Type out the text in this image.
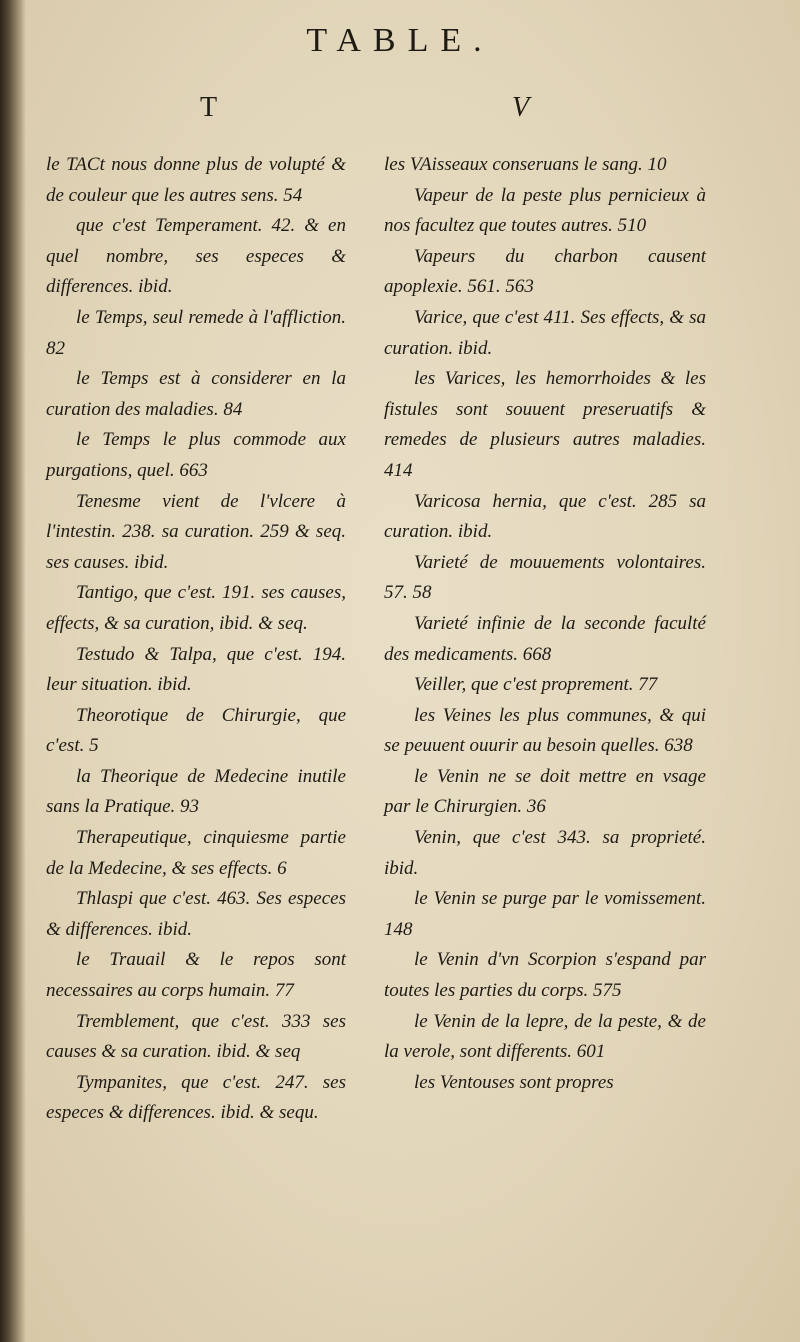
TABLE.
T	V

le TACt nous donne plus de volupté & de couleur que les autres sens. 54

que c'est Temperament. 42. & en quel nombre, ses especes & differences. ibid.

le Temps, seul remede à l'affliction. 82

le Temps est à considerer en la curation des maladies. 84

le Temps le plus commode aux purgations, quel. 663

Tenesme vient de l'vlcere à l'intestin. 238. sa curation. 259 & seq. ses causes. ibid.

Tantigo, que c'est. 191. ses causes, effects, & sa curation, ibid. & seq.

Testudo & Talpa, que c'est. 194. leur situation. ibid.

Theorotique de Chirurgie, que c'est. 5

la Theorique de Medecine inutile sans la Pratique. 93

Therapeutique, cinquiesme partie de la Medecine, & ses effects. 6

Thlaspi que c'est. 463. Ses especes & differences. ibid.

le Trauail & le repos sont necessaires au corps humain. 77

Tremblement, que c'est. 333 ses causes & sa curation. ibid. & seq

Tympanites, que c'est. 247. ses especes & differences. ibid. & sequ.

les VAisseaux conseruans le sang. 10

Vapeur de la peste plus pernicieux à nos facultez que toutes autres. 510

Vapeurs du charbon causent apoplexie. 561. 563

Varice, que c'est 411. Ses effects, & sa curation. ibid.

les Varices, les hemorrhoides & les fistules sont souuent preseruatifs & remedes de plusieurs autres maladies. 414

Varicosa hernia, que c'est. 285 sa curation. ibid.

Varieté de mouuements volontaires. 57. 58

Varieté infinie de la seconde faculté des medicaments. 668

Veiller, que c'est proprement. 77

les Veines les plus communes, & qui se peuuent ouurir au besoin quelles. 638

le Venin ne se doit mettre en vsage par le Chirurgien. 36

Venin, que c'est 343. sa proprieté. ibid.

le Venin se purge par le vomissement. 148

le Venin d'vn Scorpion s'espand par toutes les parties du corps. 575

le Venin de la lepre, de la peste, & de la verole, sont differents. 601

les Ventouses sont propres
